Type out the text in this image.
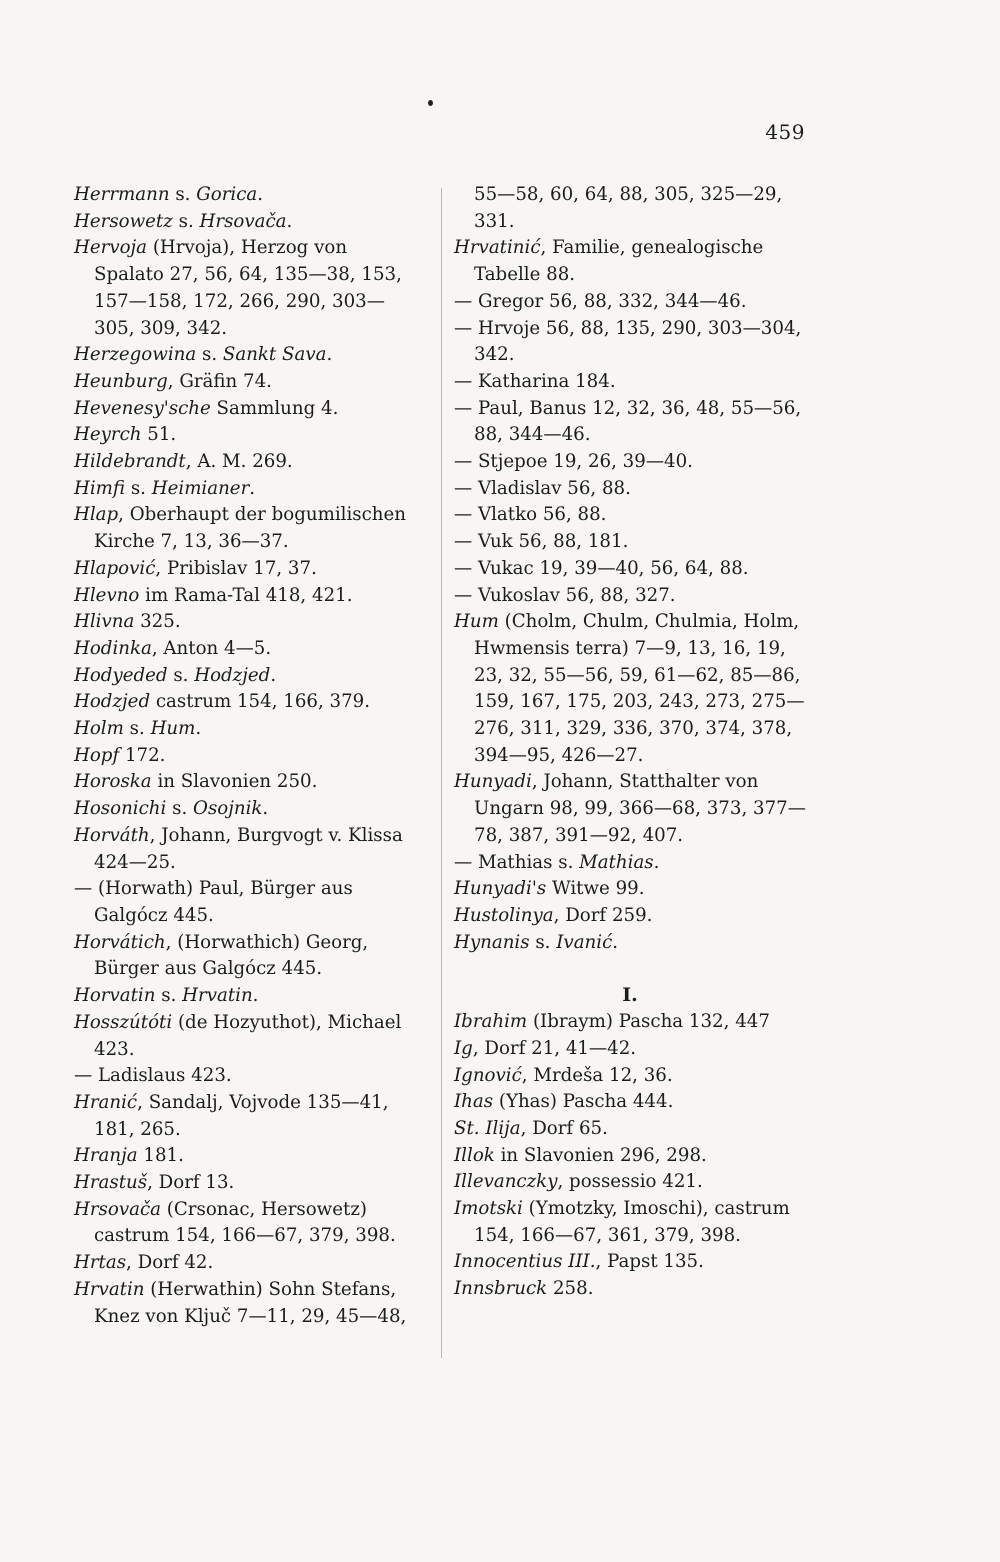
459

Herrmann s. Gorica.

Hersowetz s. Hrsovača.

Hervoja (Hrvoja), Herzog von Spalato 27, 56, 64, 135—38, 153, 157—158, 172, 266, 290, 303—305, 309, 342.

Herzegowina s. Sankt Sava.

Heunburg, Gräfin 74.

Hevenesy'sche Sammlung 4.

Heyrch 51.

Hildebrandt, A. M. 269.

Himfi s. Heimianer.

Hlap, Oberhaupt der bogumilischen Kirche 7, 13, 36—37.

Hlapović, Pribislav 17, 37.

Hlevno im Rama-Tal 418, 421.

Hlivna 325.

Hodinka, Anton 4—5.

Hodyeded s. Hodzjed.

Hodzjed castrum 154, 166, 379.

Holm s. Hum.

Hopf 172.

Horoska in Slavonien 250.

Hosonichi s. Osojnik.

Horváth, Johann, Burgvogt v. Klissa 424—25.

— (Horwath) Paul, Bürger aus Galgócz 445.

Horvátich, (Horwathich) Georg, Bürger aus Galgócz 445.

Horvatin s. Hrvatin.

Hosszútóti (de Hozyuthot), Michael 423.

— Ladislaus 423.

Hranić, Sandalj, Vojvode 135—41, 181, 265.

Hranja 181.

Hrastuš, Dorf 13.

Hrsovača (Crsonac, Hersowetz) castrum 154, 166—67, 379, 398.

Hrtas, Dorf 42.

Hrvatin (Herwathin) Sohn Stefans, Knez von Ključ 7—11, 29, 45—48,

55—58, 60, 64, 88, 305, 325—29, 331.

Hrvatinić, Familie, genealogische Tabelle 88.

— Gregor 56, 88, 332, 344—46.

— Hrvoje 56, 88, 135, 290, 303—304, 342.

— Katharina 184.

— Paul, Banus 12, 32, 36, 48, 55—56, 88, 344—46.

— Stjepoe 19, 26, 39—40.

— Vladislav 56, 88.

— Vlatko 56, 88.

— Vuk 56, 88, 181.

— Vukac 19, 39—40, 56, 64, 88.

— Vukoslav 56, 88, 327.

Hum (Cholm, Chulm, Chulmia, Holm, Hwmensis terra) 7—9, 13, 16, 19, 23, 32, 55—56, 59, 61—62, 85—86, 159, 167, 175, 203, 243, 273, 275—276, 311, 329, 336, 370, 374, 378, 394—95, 426—27.

Hunyadi, Johann, Statthalter von Ungarn 98, 99, 366—68, 373, 377—78, 387, 391—92, 407.

— Mathias s. Mathias.

Hunyadi's Witwe 99.

Hustolinya, Dorf 259.

Hynanis s. Ivanić.

I.

Ibrahim (Ibraym) Pascha 132, 447

Ig, Dorf 21, 41—42.

Ignović, Mrdeša 12, 36.

Ihas (Yhas) Pascha 444.

St. Ilija, Dorf 65.

Illok in Slavonien 296, 298.

Illevanczky, possessio 421.

Imotski (Ymotzky, Imoschi), castrum 154, 166—67, 361, 379, 398.

Innocentius III., Papst 135.

Innsbruck 258.
